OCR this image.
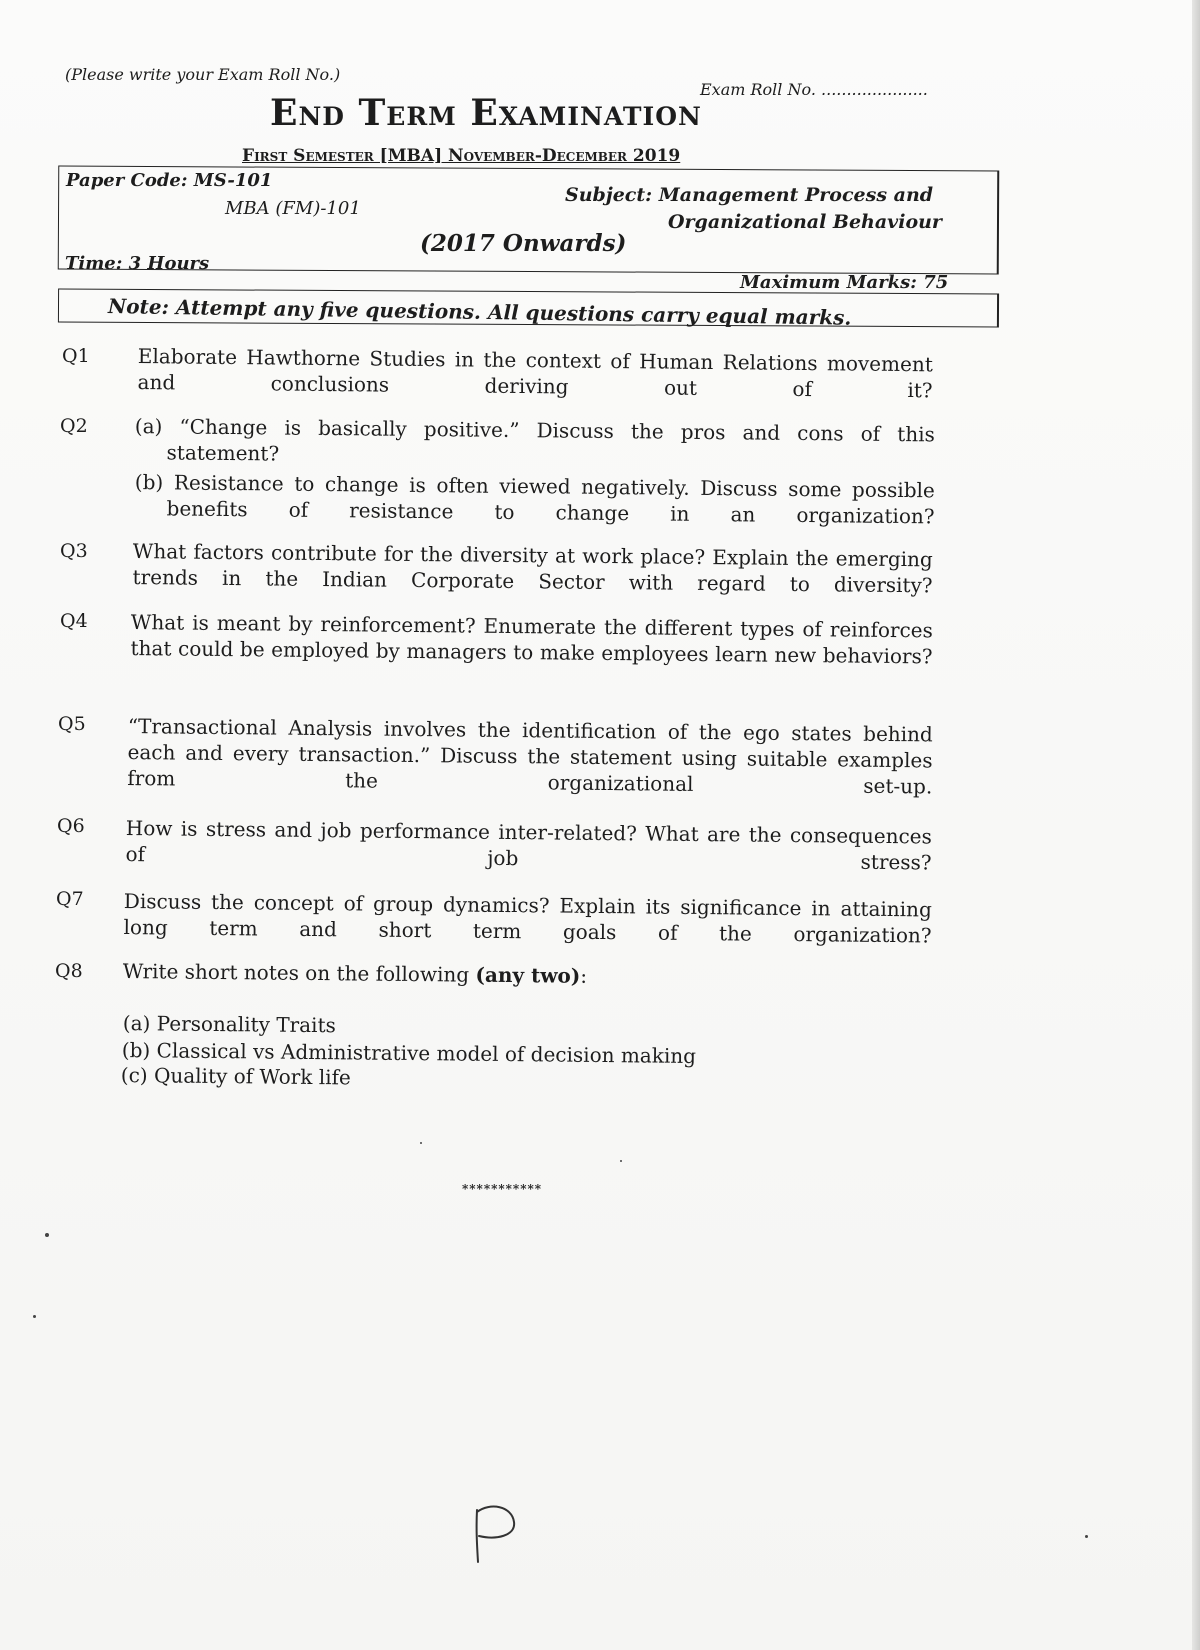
(Please write your Exam Roll No.)
Exam Roll No. .....................
End Term Examination
First Semester [MBA] November-December 2019
Paper Code: MS-101
MBA (FM)-101
Subject: Management Process and
Organizational Behaviour
(2017 Onwards)
Time: 3 Hours
Maximum Marks: 75
Note: Attempt any five questions. All questions carry equal marks.
Q1 Elaborate Hawthorne Studies in the context of Human Relations movement and conclusions deriving out of it?
Q2 (a) “Change is basically positive.” Discuss the pros and cons of this statement?
(b) Resistance to change is often viewed negatively. Discuss some possible benefits of resistance to change in an organization?
Q3 What factors contribute for the diversity at work place? Explain the emerging trends in the Indian Corporate Sector with regard to diversity?
Q4 What is meant by reinforcement? Enumerate the different types of reinforces that could be employed by managers to make employees learn new behaviors?
Q5 “Transactional Analysis involves the identification of the ego states behind each and every transaction.” Discuss the statement using suitable examples from the organizational set-up.
Q6 How is stress and job performance inter-related? What are the consequences of job stress?
Q7 Discuss the concept of group dynamics? Explain its significance in attaining long term and short term goals of the organization?
Q8 Write short notes on the following (any two):
(a) Personality Traits
(b) Classical vs Administrative model of decision making
(c) Quality of Work life
***********
